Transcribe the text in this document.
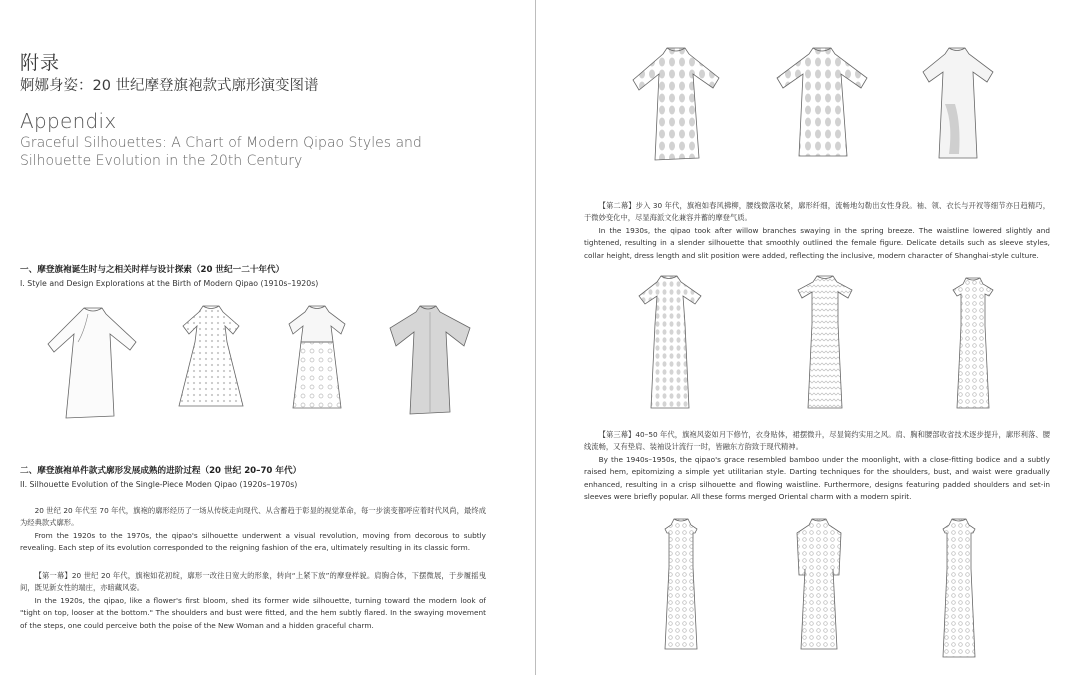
附录
婀娜身姿：20 世纪摩登旗袍款式廓形演变图谱
Appendix
Graceful Silhouettes: A Chart of Modern Qipao Styles and Silhouette Evolution in the 20th Century
一、摩登旗袍诞生时与之相关时样与设计探索（20 世纪一二十年代）
I. Style and Design Explorations at the Birth of Modern Qipao (1910s–1920s)
二、摩登旗袍单件款式廓形发展成熟的进阶过程（20 世纪 20–70 年代）
II. Silhouette Evolution of the Single-Piece Moden Qipao (1920s–1970s)

20 世纪 20 年代至 70 年代，旗袍的廓形经历了一场从传统走向现代、从含蓄趋于彰显的视觉革命，每一步演变都呼应着时代风尚，最终成为经典款式廓形。

From the 1920s to the 1970s, the qipao's silhouette underwent a visual revolution, moving from decorous to subtly revealing. Each step of its evolution corresponded to the reigning fashion of the era, ultimately resulting in its classic form.

【第一幕】20 世纪 20 年代，旗袍如花初绽，廓形一改往日宽大的形象，转向“上紧下放”的摩登样貌。肩胸合体，下摆微展，于步履摇曳间，既见新女性的端庄，亦暗藏风姿。

In the 1920s, the qipao, like a flower's first bloom, shed its former wide silhouette, turning toward the modern look of "tight on top, looser at the bottom." The shoulders and bust were fitted, and the hem subtly flared. In the swaying movement of the steps, one could perceive both the poise of the New Woman and a hidden graceful charm.

【第二幕】步入 30 年代，旗袍如春风拂柳，腰线微落收紧，廓形纤细，流畅地勾勒出女性身段。袖、领、衣长与开衩等细节亦日趋精巧，于微妙变化中，尽显海派文化兼容并蓄的摩登气质。

In the 1930s, the qipao took after willow branches swaying in the spring breeze. The waistline lowered slightly and tightened, resulting in a slender silhouette that smoothly outlined the female figure. Delicate details such as sleeve styles, collar height, dress length and slit position were added, reflecting the inclusive, modern character of Shanghai-style culture.

【第三幕】40–50 年代，旗袍风姿如月下修竹，衣身贴体，裙摆微升，尽显简约实用之风。肩、胸和腰部收省技术逐步提升，廓形利落、腰线流畅，又有垫肩、装袖设计流行一时，皆融东方韵致于现代精神。

By the 1940s–1950s, the qipao's grace resembled bamboo under the moonlight, with a close-fitting bodice and a subtly raised hem, epitomizing a simple yet utilitarian style. Darting techniques for the shoulders, bust, and waist were gradually enhanced, resulting in a crisp silhouette and flowing waistline. Furthermore, designs featuring padded shoulders and set-in sleeves were briefly popular. All these forms merged Oriental charm with a modern spirit.
